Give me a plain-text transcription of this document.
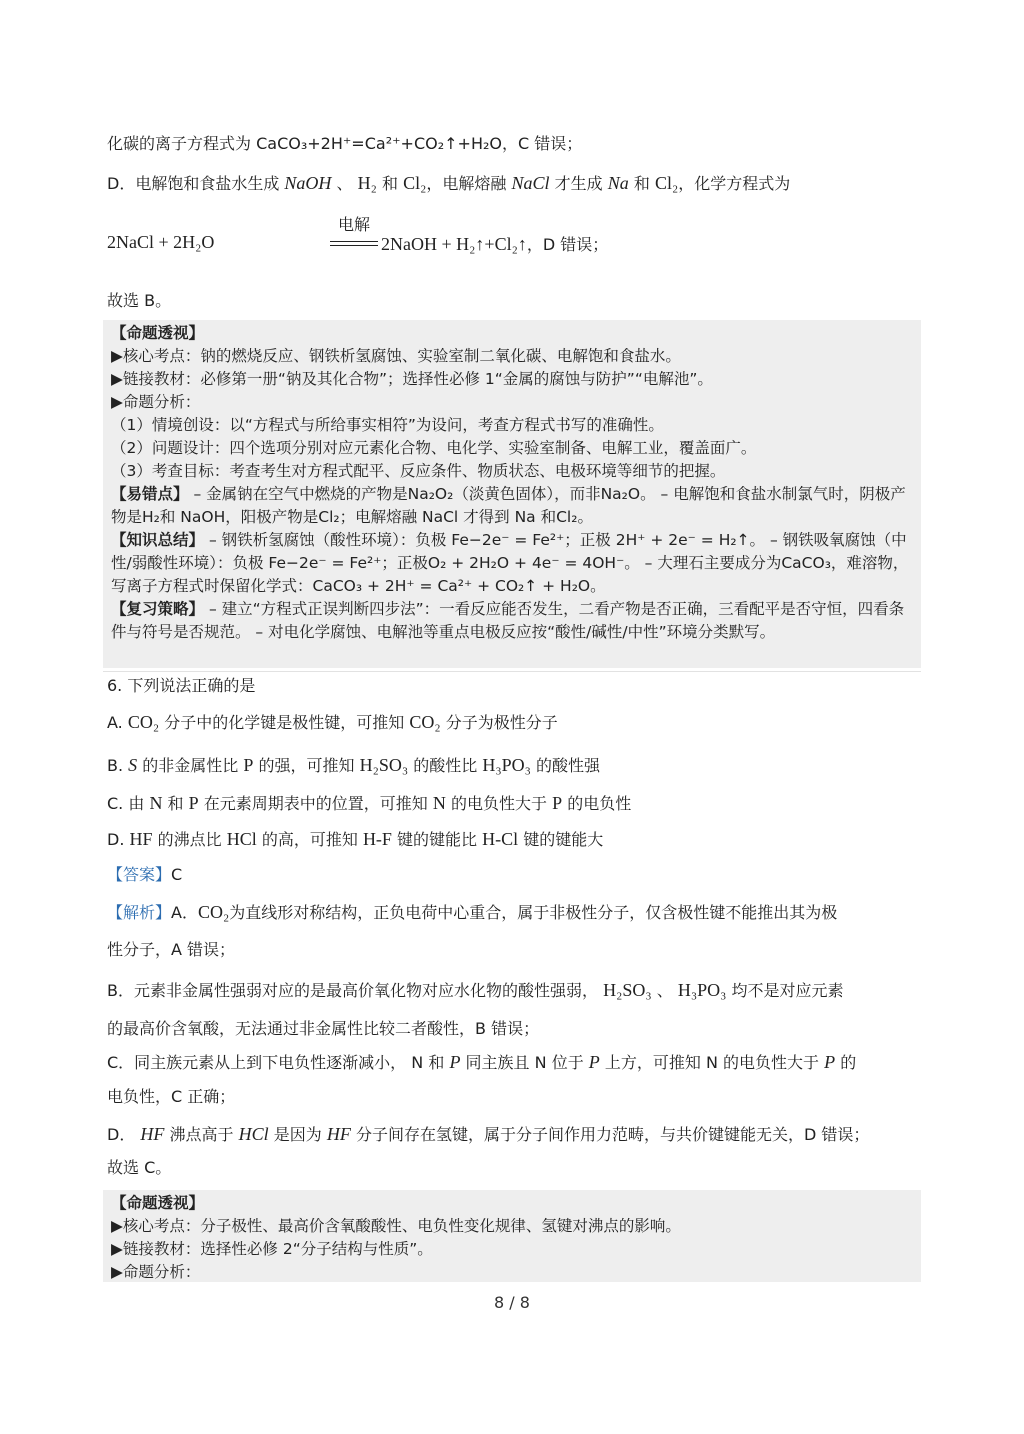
化碳的离子方程式为 CaCO₃+2H⁺=Ca²⁺+CO₂↑+H₂O，C 错误；
D．电解饱和食盐水生成 NaOH 、 H₂ 和 Cl₂，电解熔融 NaCl 才生成 Na 和 Cl₂，化学方程式为
2NaCl + 2H₂O
电解
2NaOH + H₂↑+Cl₂↑，D 错误；
故选 B。
【命题透视】
▶核心考点：钠的燃烧反应、钢铁析氢腐蚀、实验室制二氧化碳、电解饱和食盐水。
▶链接教材：必修第一册“钠及其化合物”；选择性必修 1“金属的腐蚀与防护”“电解池”。
▶命题分析：
（1）情境创设：以“方程式与所给事实相符”为设问，考查方程式书写的准确性。
（2）问题设计：四个选项分别对应元素化合物、电化学、实验室制备、电解工业，覆盖面广。
（3）考查目标：考查考生对方程式配平、反应条件、物质状态、电极环境等细节的把握。
【易错点】 – 金属钠在空气中燃烧的产物是Na₂O₂（淡黄色固体），而非Na₂O。 – 电解饱和食盐水制氯气时，阴极产物是H₂和 NaOH，阳极产物是Cl₂；电解熔融 NaCl 才得到 Na 和Cl₂。
【知识总结】 – 钢铁析氢腐蚀（酸性环境）：负极 Fe−2e⁻ = Fe²⁺；正极 2H⁺ + 2e⁻ = H₂↑。 – 钢铁吸氧腐蚀（中性/弱酸性环境）：负极 Fe−2e⁻ = Fe²⁺；正极O₂ + 2H₂O + 4e⁻ = 4OH⁻。 – 大理石主要成分为CaCO₃，难溶物，写离子方程式时保留化学式：CaCO₃ + 2H⁺ = Ca²⁺ + CO₂↑ + H₂O。
【复习策略】 – 建立“方程式正误判断四步法”：一看反应能否发生，二看产物是否正确，三看配平是否守恒，四看条件与符号是否规范。 – 对电化学腐蚀、电解池等重点电极反应按“酸性/碱性/中性”环境分类默写。
6. 下列说法正确的是
A. CO₂ 分子中的化学键是极性键，可推知 CO₂ 分子为极性分子
B. S 的非金属性比 P 的强，可推知 H₂SO₃ 的酸性比 H₃PO₃ 的酸性强
C. 由 N 和 P 在元素周期表中的位置，可推知 N 的电负性大于 P 的电负性
D. HF 的沸点比 HCl 的高，可推知 H-F 键的键能比 H-Cl 键的键能大
【答案】C
【解析】A．CO₂为直线形对称结构，正负电荷中心重合，属于非极性分子，仅含极性键不能推出其为极
性分子，A 错误；
B．元素非金属性强弱对应的是最高价氧化物对应水化物的酸性强弱， H₂SO₃ 、 H₃PO₃ 均不是对应元素
的最高价含氧酸，无法通过非金属性比较二者酸性，B 错误；
C．同主族元素从上到下电负性逐渐减小， N 和 P 同主族且 N 位于 P 上方，可推知 N 的电负性大于 P 的
电负性，C 正确；
D． HF 沸点高于 HCl 是因为 HF 分子间存在氢键，属于分子间作用力范畴，与共价键键能无关，D 错误；
故选 C。
【命题透视】
▶核心考点：分子极性、最高价含氧酸酸性、电负性变化规律、氢键对沸点的影响。
▶链接教材：选择性必修 2“分子结构与性质”。
▶命题分析：
8 / 8
